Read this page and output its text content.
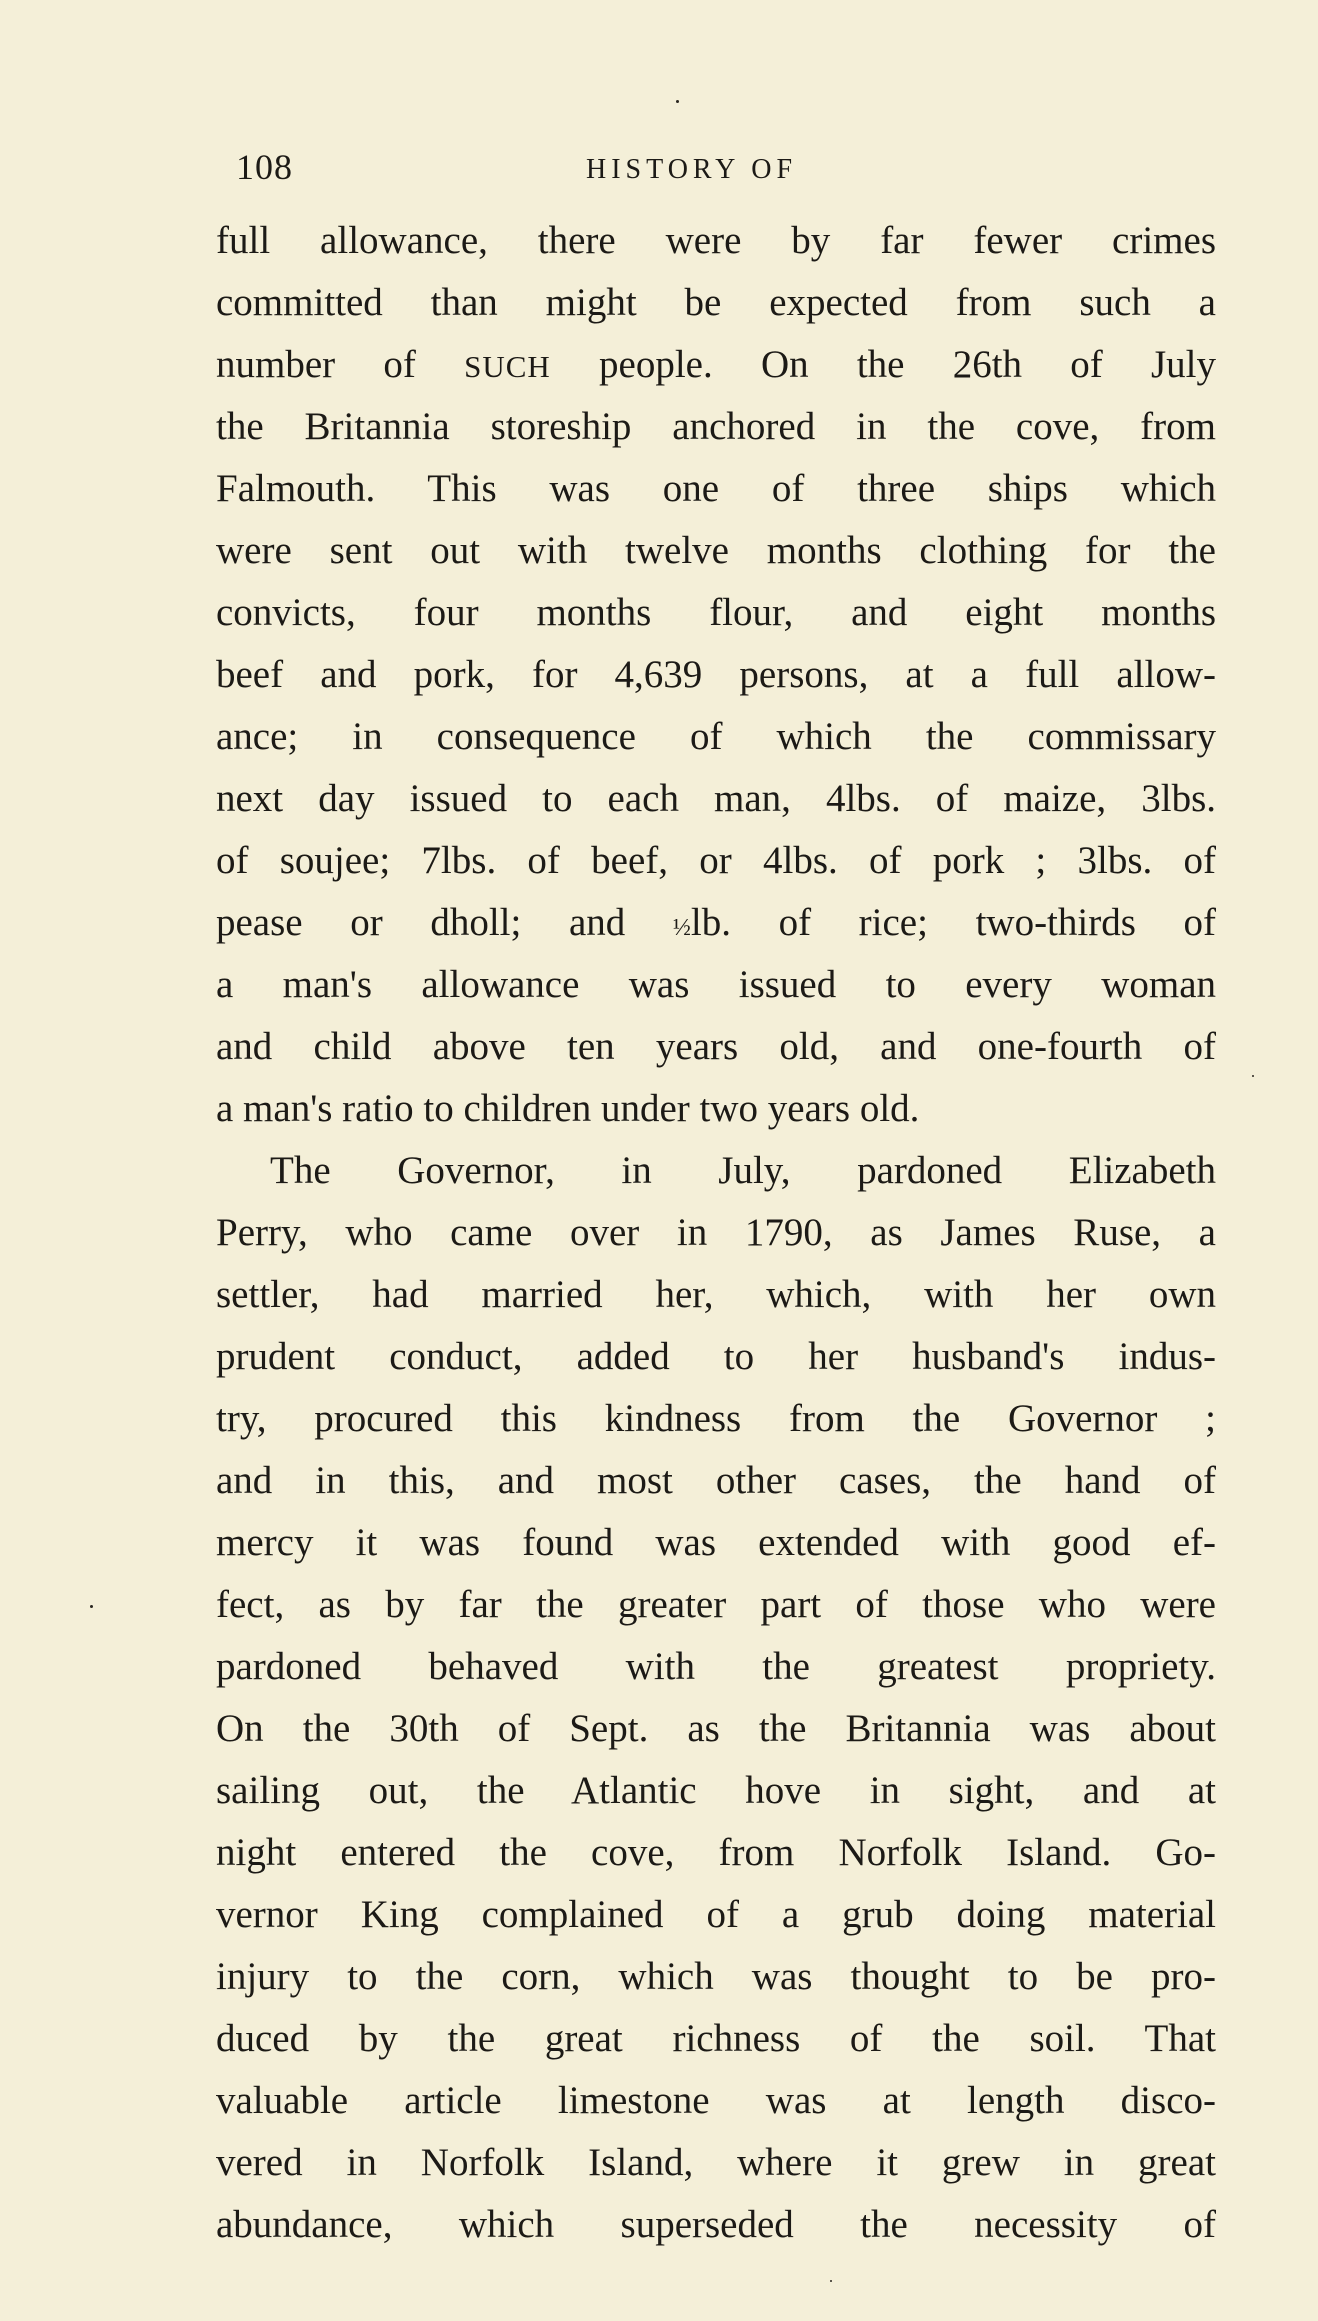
108	HISTORY OF
full allowance, there were by far fewer crimes
committed than might be expected from such a
number of SUCH people. On the 26th of July
the Britannia storeship anchored in the cove, from
Falmouth. This was one of three ships which
were sent out with twelve months clothing for the
convicts, four months flour, and eight months
beef and pork, for 4,639 persons, at a full allow-
ance; in consequence of which the commissary
next day issued to each man, 4lbs. of maize, 3lbs.
of soujee; 7lbs. of beef, or 4lbs. of pork ; 3lbs. of
pease or dholl; and ½lb. of rice; two-thirds of
a man's allowance was issued to every woman
and child above ten years old, and one-fourth of
a man's ratio to children under two years old.
The Governor, in July, pardoned Elizabeth
Perry, who came over in 1790, as James Ruse, a
settler, had married her, which, with her own
prudent conduct, added to her husband's indus-
try, procured this kindness from the Governor ;
and in this, and most other cases, the hand of
mercy it was found was extended with good ef-
fect, as by far the greater part of those who were
pardoned behaved with the greatest propriety.
On the 30th of Sept. as the Britannia was about
sailing out, the Atlantic hove in sight, and at
night entered the cove, from Norfolk Island. Go-
vernor King complained of a grub doing material
injury to the corn, which was thought to be pro-
duced by the great richness of the soil. That
valuable article limestone was at length disco-
vered in Norfolk Island, where it grew in great
abundance, which superseded the necessity of
